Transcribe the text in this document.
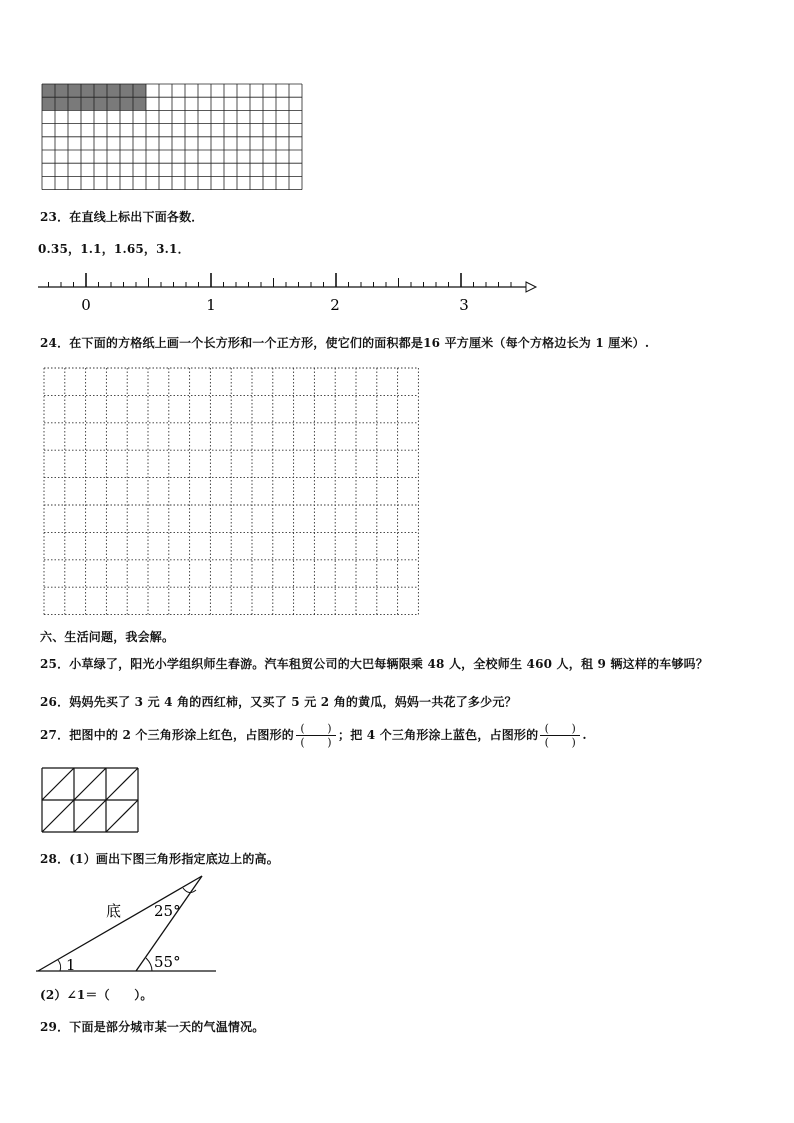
23．在直线上标出下面各数．
0.35，1.1，1.65，3.1．
0	1	2	3
24．在下面的方格纸上画一个长方形和一个正方形，使它们的面积都是16 平方厘米（每个方格边长为 1 厘米）.
六、生活问题，我会解。
25．小草绿了，阳光小学组织师生春游。汽车租贸公司的大巴每辆限乘 48 人，全校师生 460 人，租 9 辆这样的车够吗？
26．妈妈先买了 3 元 4 角的西红柿，又买了 5 元 2 角的黄瓜，妈妈一共花了多少元？
27．把图中的 2 个三角形涂上红色，占图形的 $\frac{( )}{( )}$ ；把 4 个三角形涂上蓝色，占图形的 $\frac{( )}{( )}$ .
28．(1）画出下图三角形指定底边上的高。
底 25°
55°
1
(2）∠1＝（　　）。
29．下面是部分城市某一天的气温情况。
